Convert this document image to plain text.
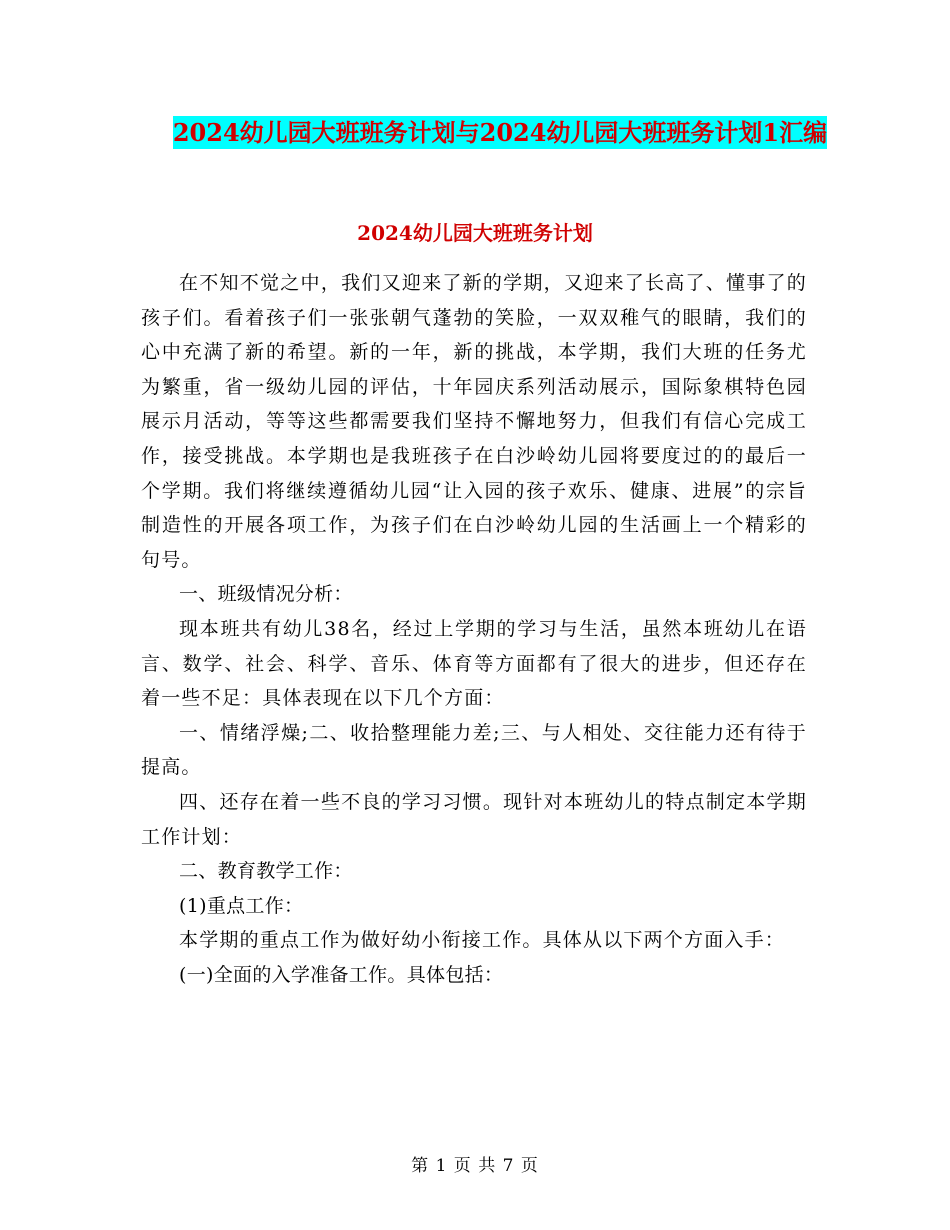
2024幼儿园大班班务计划与2024幼儿园大班班务计划1汇编
2024幼儿园大班班务计划

在不知不觉之中，我们又迎来了新的学期，又迎来了长高了、懂事了的孩子们。看着孩子们一张张朝气蓬勃的笑脸，一双双稚气的眼睛，我们的心中充满了新的希望。新的一年，新的挑战，本学期，我们大班的任务尤为繁重，省一级幼儿园的评估，十年园庆系列活动展示，国际象棋特色园展示月活动，等等这些都需要我们坚持不懈地努力，但我们有信心完成工作，接受挑战。本学期也是我班孩子在白沙岭幼儿园将要度过的的最后一个学期。我们将继续遵循幼儿园“让入园的孩子欢乐、健康、进展”的宗旨制造性的开展各项工作，为孩子们在白沙岭幼儿园的生活画上一个精彩的句号。

一、班级情况分析：

现本班共有幼儿38名，经过上学期的学习与生活，虽然本班幼儿在语言、数学、社会、科学、音乐、体育等方面都有了很大的进步，但还存在着一些不足：具体表现在以下几个方面：

一、情绪浮燥;二、收拾整理能力差;三、与人相处、交往能力还有待于提高。

四、还存在着一些不良的学习习惯。现针对本班幼儿的特点制定本学期工作计划：

二、教育教学工作：

(1)重点工作：

本学期的重点工作为做好幼小衔接工作。具体从以下两个方面入手：

(一)全面的入学准备工作。具体包括：

第 1 页 共 7 页
